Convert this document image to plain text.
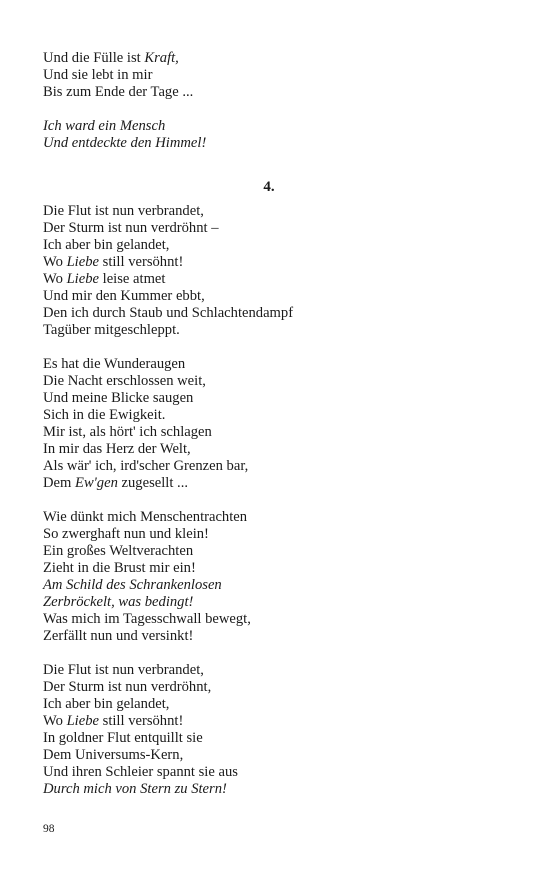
Und die Fülle ist Kraft,
Und sie lebt in mir
Bis zum Ende der Tage ...
Ich ward ein Mensch
Und entdeckte den Himmel!
4.
Die Flut ist nun verbrandet,
Der Sturm ist nun verdröhnt –
Ich aber bin gelandet,
Wo Liebe still versöhnt!
Wo Liebe leise atmet
Und mir den Kummer ebbt,
Den ich durch Staub und Schlachtendampf
Tagüber mitgeschleppt.
Es hat die Wunderaugen
Die Nacht erschlossen weit,
Und meine Blicke saugen
Sich in die Ewigkeit.
Mir ist, als hört' ich schlagen
In mir das Herz der Welt,
Als wär' ich, ird'scher Grenzen bar,
Dem Ew'gen zugesellt ...
Wie dünkt mich Menschentrachten
So zwerghaft nun und klein!
Ein großes Weltverachten
Zieht in die Brust mir ein!
Am Schild des Schrankenlosen
Zerbröckelt, was bedingt!
Was mich im Tagesschwall bewegt,
Zerfällt nun und versinkt!
Die Flut ist nun verbrandet,
Der Sturm ist nun verdröhnt,
Ich aber bin gelandet,
Wo Liebe still versöhnt!
In goldner Flut entquillt sie
Dem Universums-Kern,
Und ihren Schleier spannt sie aus
Durch mich von Stern zu Stern!
98
